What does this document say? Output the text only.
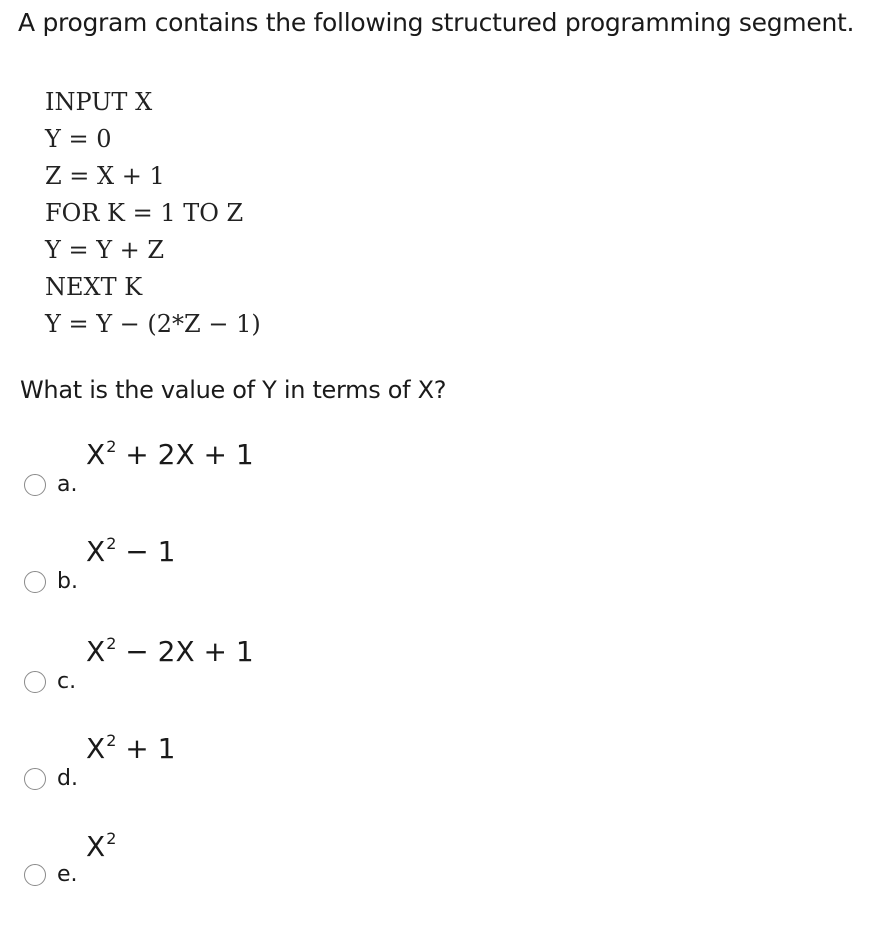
A program contains the following structured programming segment.
INPUT X
Y = 0
Z = X + 1
FOR K = 1 TO Z
Y = Y + Z
NEXT K
Y = Y − (2*Z − 1)
What is the value of Y in terms of X?
$X^2 + 2X + 1$
a.
$X^2 - 1$
b.
$X^2 - 2X + 1$
c.
$X^2 + 1$
d.
$X^2$
e.
